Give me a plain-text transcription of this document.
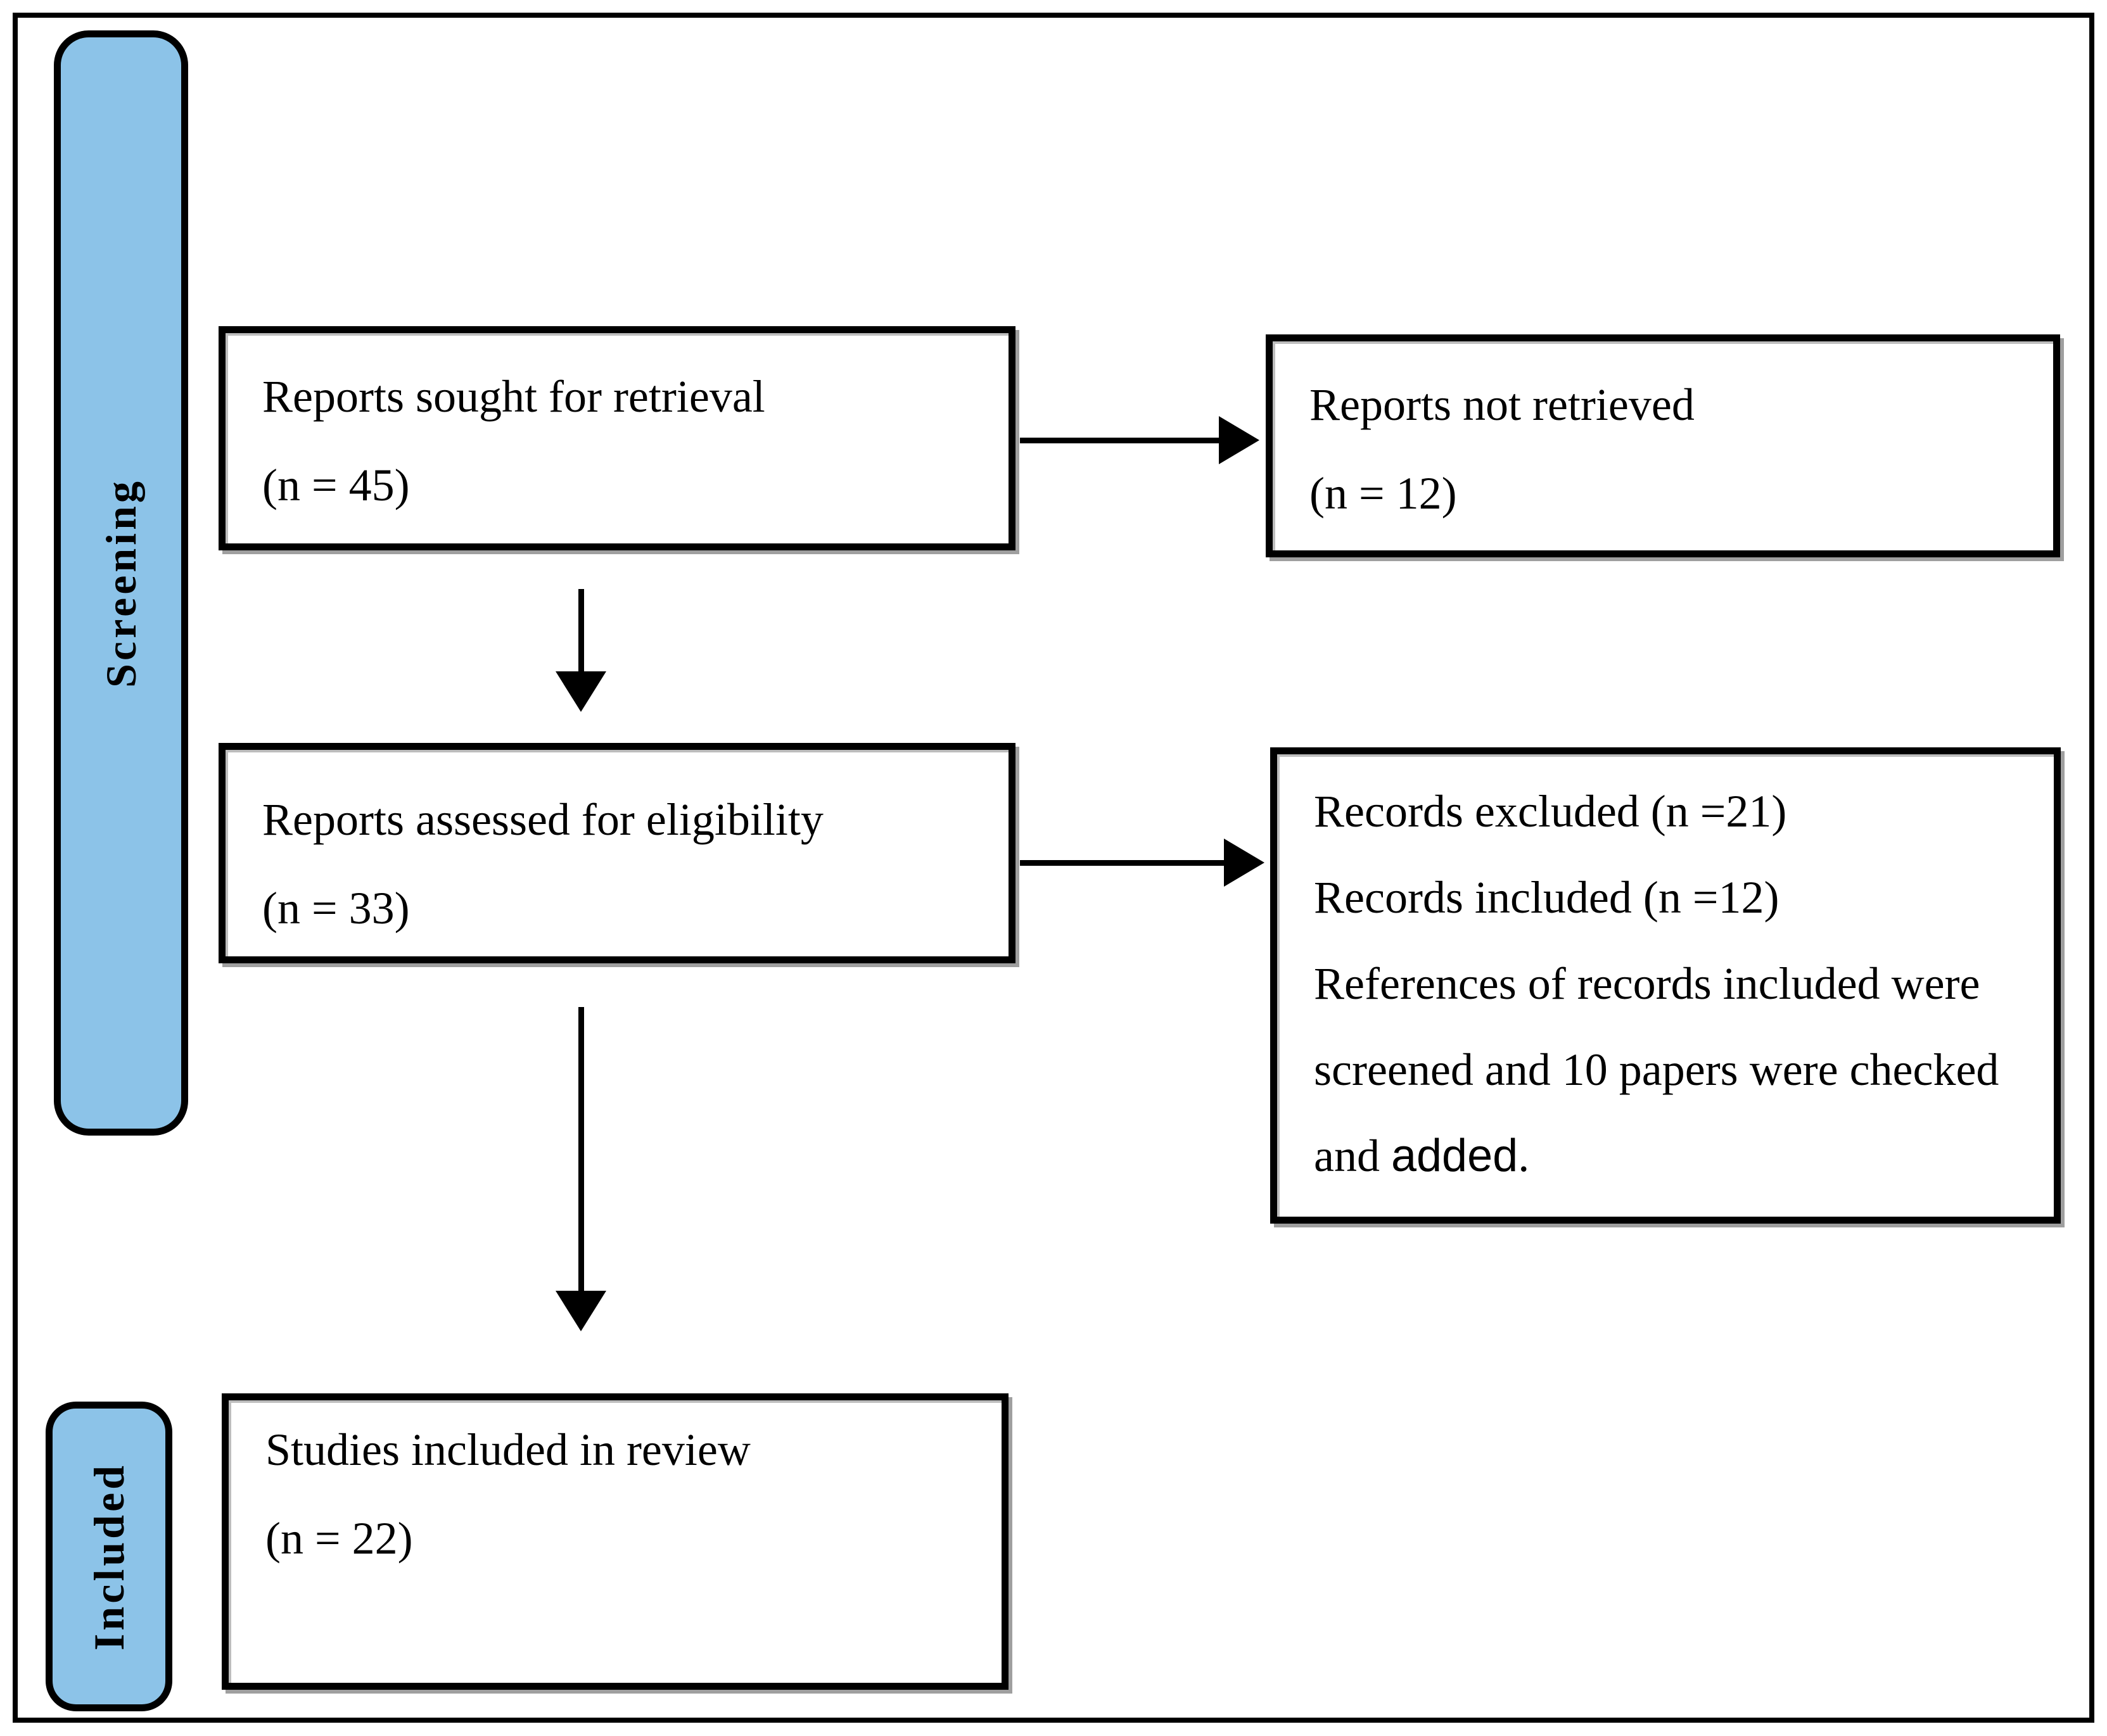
Screening
Included

Reports sought for retrieval

(n = 45)

Reports not retrieved

(n = 12)

Reports assessed for eligibility

(n = 33)

Records excluded (n =21)

Records included (n =12)

References of records included were

screened and 10 papers were checked

and added.

Studies included in review

(n = 22)
